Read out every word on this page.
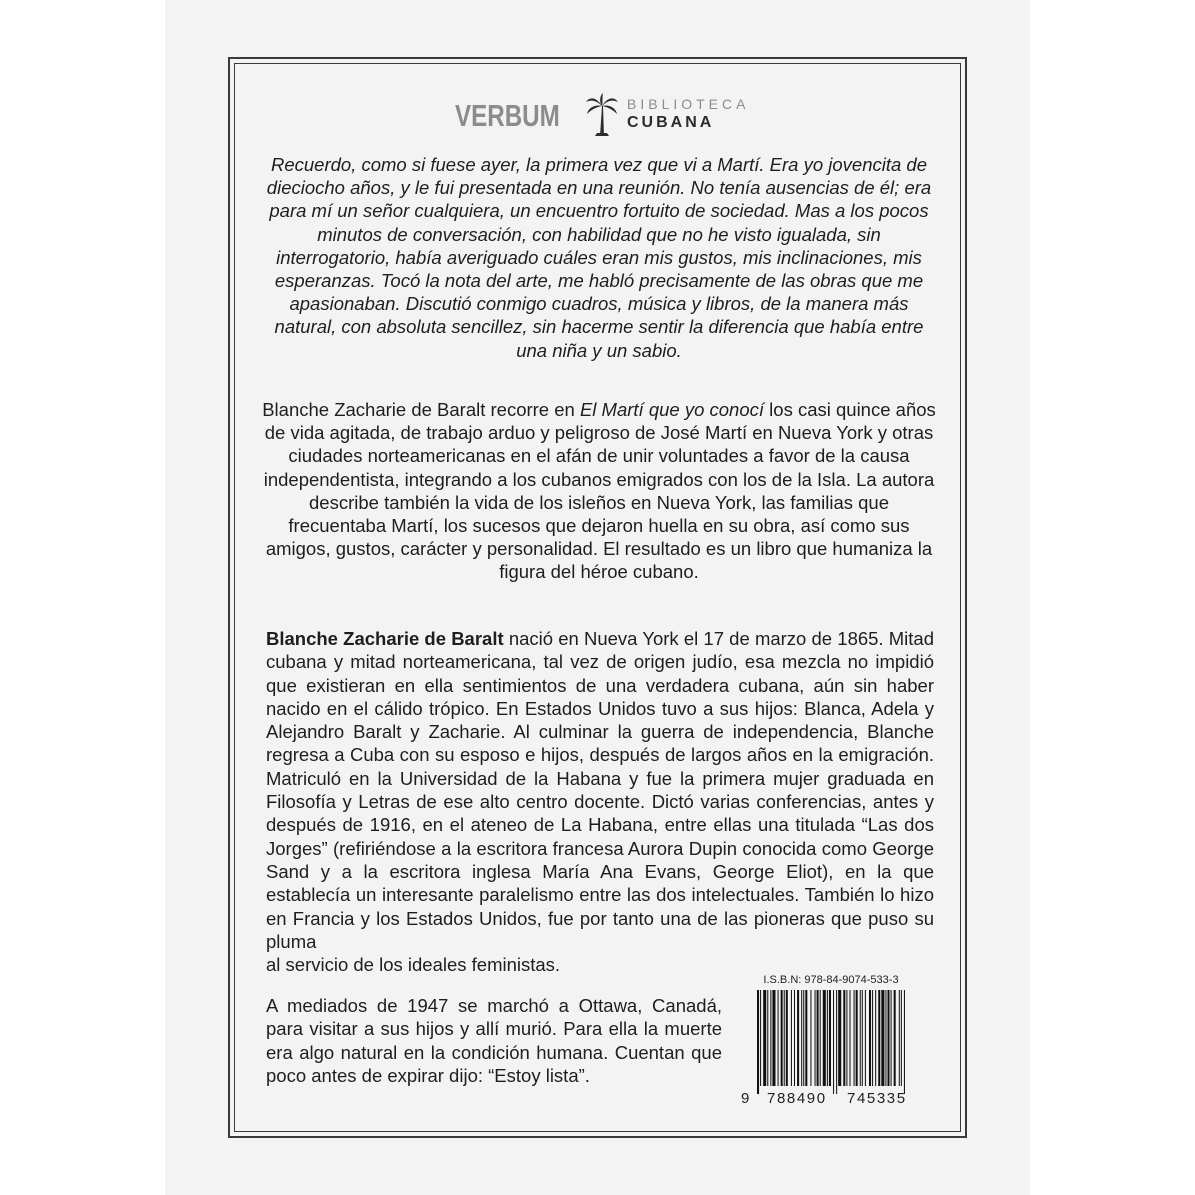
VERBUM	BIBLIOTECA
CUBANA

Recuerdo, como si fuese ayer, la primera vez que vi a Martí. Era yo jovencita de dieciocho años, y le fui presentada en una reunión. No tenía ausencias de él; era para mí un señor cualquiera, un encuentro fortuito de sociedad. Mas a los pocos minutos de conversación, con habilidad que no he visto igualada, sin interrogatorio, había averiguado cuáles eran mis gustos, mis inclinaciones, mis esperanzas. Tocó la nota del arte, me habló precisamente de las obras que me apasionaban. Discutió conmigo cuadros, música y libros, de la manera más natural, con absoluta sencillez, sin hacerme sentir la diferencia que había entre una niña y un sabio.

Blanche Zacharie de Baralt recorre en El Martí que yo conocí los casi quince años de vida agitada, de trabajo arduo y peligroso de José Martí en Nueva York y otras ciudades norteamericanas en el afán de unir voluntades a favor de la causa independentista, integrando a los cubanos emigrados con los de la Isla. La autora describe también la vida de los isleños en Nueva York, las familias que frecuentaba Martí, los sucesos que dejaron huella en su obra, así como sus amigos, gustos, carácter y personalidad. El resultado es un libro que humaniza la figura del héroe cubano.

Blanche Zacharie de Baralt nació en Nueva York el 17 de marzo de 1865. Mitad cubana y mitad norteamericana, tal vez de origen judío, esa mezcla no impidió que existieran en ella sentimientos de una verdadera cubana, aún sin haber nacido en el cálido trópico. En Estados Unidos tuvo a sus hijos: Blanca, Adela y Alejandro Baralt y Zacharie. Al culminar la guerra de independencia, Blanche regresa a Cuba con su esposo e hijos, después de largos años en la emigración. Matriculó en la Universidad de la Habana y fue la primera mujer graduada en Filosofía y Letras de ese alto centro docente. Dictó varias conferencias, antes y después de 1916, en el ateneo de La Habana, entre ellas una titulada “Las dos Jorges” (refiriéndose a la escritora francesa Aurora Dupin conocida como George Sand y a la escritora inglesa María Ana Evans, George Eliot), en la que establecía un interesante paralelismo entre las dos intelectuales. También lo hizo en Francia y los Estados Unidos, fue por tanto una de las pioneras que puso su pluma
al servicio de los ideales feministas.

A mediados de 1947 se marchó a Ottawa, Canadá, para visitar a sus hijos y allí murió. Para ella la muerte era algo natural en la condición humana. Cuentan que poco antes de expirar dijo: “Estoy lista”.

I.S.B.N: 978-84-9074-533-3
9 788490 745335
